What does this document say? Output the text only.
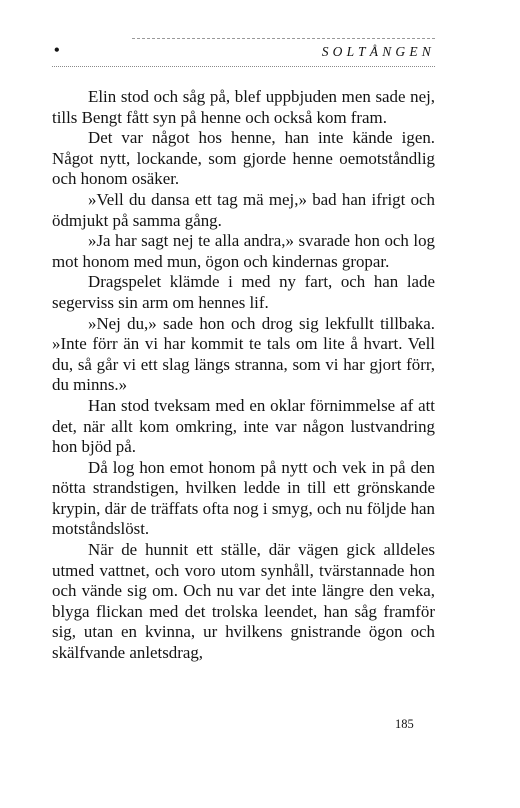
•	SOLTÅNGEN

Elin stod och såg på, blef uppbjuden men sade nej, tills Bengt fått syn på henne och också kom fram.

Det var något hos henne, han inte kände igen. Något nytt, lockande, som gjorde henne oemotståndlig och honom osäker.

»Vell du dansa ett tag mä mej,» bad han ifrigt och ödmjukt på samma gång.

»Ja har sagt nej te alla andra,» svarade hon och log mot honom med mun, ögon och kindernas gropar.

Dragspelet klämde i med ny fart, och han lade segerviss sin arm om hennes lif.

»Nej du,» sade hon och drog sig lekfullt tillbaka. »Inte förr än vi har kommit te tals om lite å hvart. Vell du, så går vi ett slag längs stranna, som vi har gjort förr, du minns.»

Han stod tveksam med en oklar förnimmelse af att det, när allt kom omkring, inte var någon lustvandring hon bjöd på.

Då log hon emot honom på nytt och vek in på den nötta strandstigen, hvilken ledde in till ett grönskande krypin, där de träffats ofta nog i smyg, och nu följde han motståndslöst.

När de hunnit ett ställe, där vägen gick alldeles utmed vattnet, och voro utom synhåll, tvärstannade hon och vände sig om. Och nu var det inte längre den veka, blyga flickan med det trolska leendet, han såg framför sig, utan en kvinna, ur hvilkens gnistrande ögon och skälfvande anletsdrag,

185
